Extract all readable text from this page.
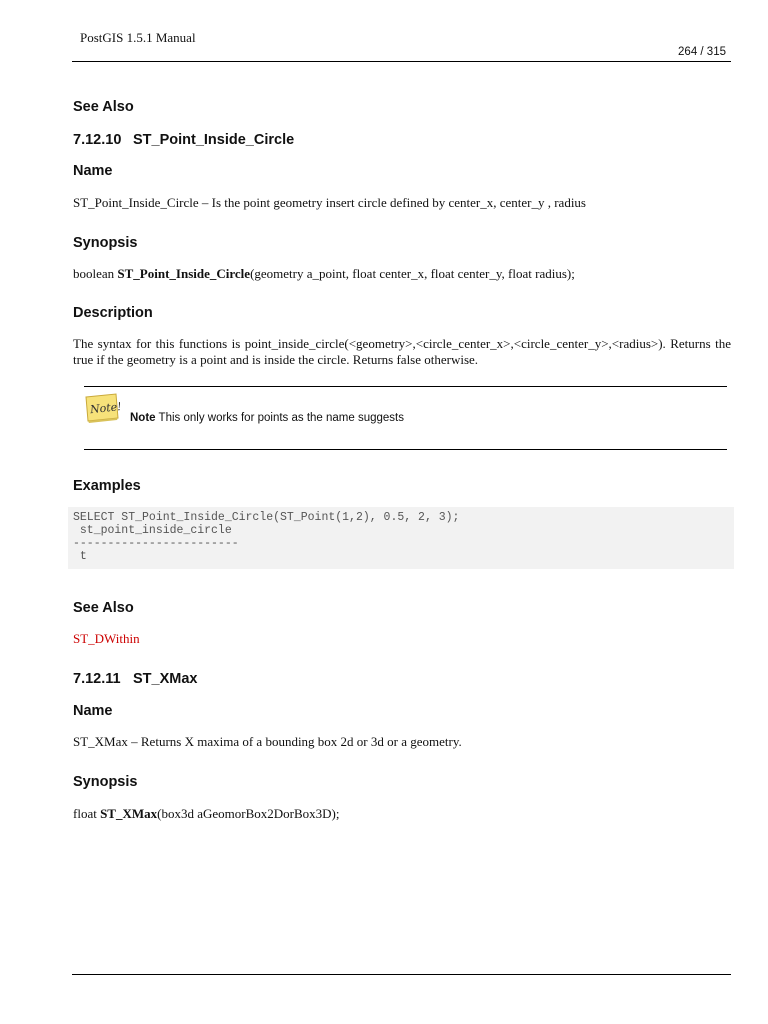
PostGIS 1.5.1 Manual
264 / 315
See Also
7.12.10 ST_Point_Inside_Circle
Name
ST_Point_Inside_Circle – Is the point geometry insert circle defined by center_x, center_y , radius
Synopsis
boolean ST_Point_Inside_Circle(geometry a_point, float center_x, float center_y, float radius);
Description
The syntax for this functions is point_inside_circle(<geometry>,<circle_center_x>,<circle_center_y>,<radius>). Returns the
true if the geometry is a point and is inside the circle. Returns false otherwise.
Note!
Note This only works for points as the name suggests
Examples
SELECT ST_Point_Inside_Circle(ST_Point(1,2), 0.5, 2, 3);
st_point_inside_circle
------------------------
t
See Also
ST_DWithin
7.12.11 ST_XMax
Name
ST_XMax – Returns X maxima of a bounding box 2d or 3d or a geometry.
Synopsis
float ST_XMax(box3d aGeomorBox2DorBox3D);
